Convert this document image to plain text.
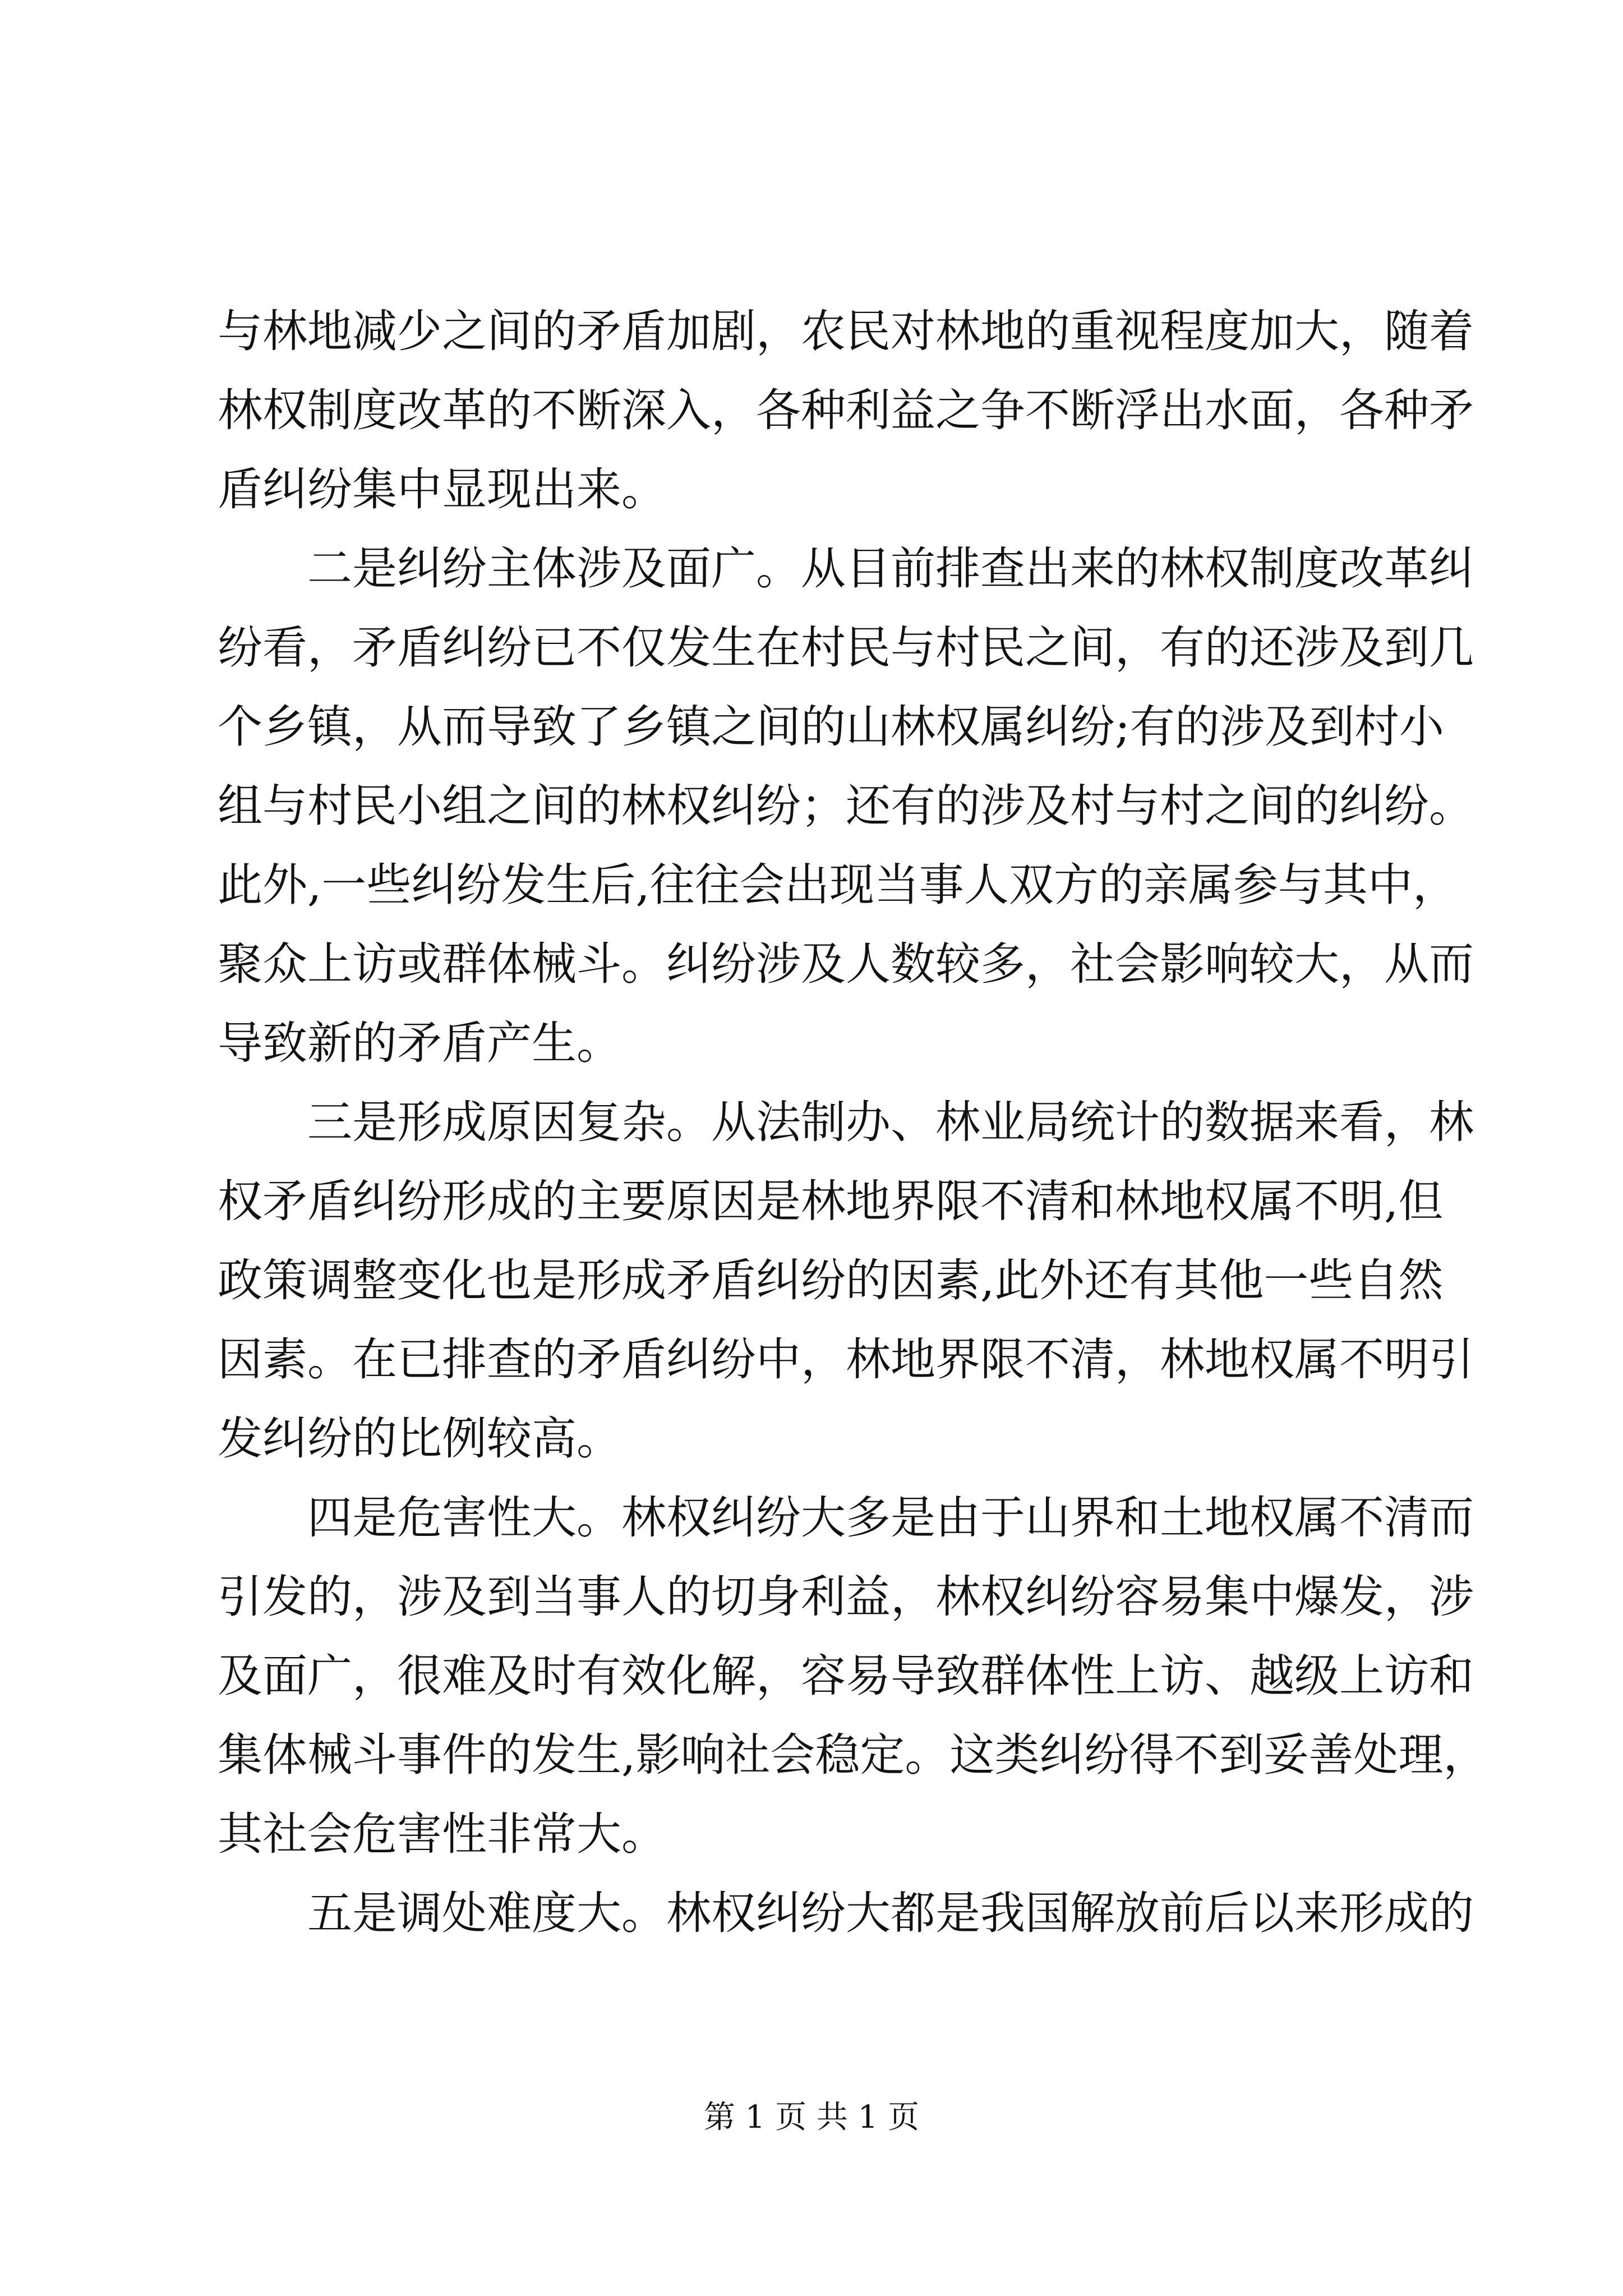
与林地减少之间的矛盾加剧，农民对林地的重视程度加大，随着
林权制度改革的不断深入，各种利益之争不断浮出水面，各种矛
盾纠纷集中显现出来。
二是纠纷主体涉及面广。从目前排查出来的林权制度改革纠
纷看，矛盾纠纷已不仅发生在村民与村民之间，有的还涉及到几
个乡镇，从而导致了乡镇之间的山林权属纠纷;有的涉及到村小
组与村民小组之间的林权纠纷；还有的涉及村与村之间的纠纷。
此外,一些纠纷发生后,往往会出现当事人双方的亲属参与其中，
聚众上访或群体械斗。纠纷涉及人数较多，社会影响较大，从而
导致新的矛盾产生。
三是形成原因复杂。从法制办、林业局统计的数据来看，林
权矛盾纠纷形成的主要原因是林地界限不清和林地权属不明,但
政策调整变化也是形成矛盾纠纷的因素,此外还有其他一些自然
因素。在已排查的矛盾纠纷中，林地界限不清，林地权属不明引
发纠纷的比例较高。
四是危害性大。林权纠纷大多是由于山界和土地权属不清而
引发的，涉及到当事人的切身利益，林权纠纷容易集中爆发，涉
及面广，很难及时有效化解，容易导致群体性上访、越级上访和
集体械斗事件的发生,影响社会稳定。这类纠纷得不到妥善处理，
其社会危害性非常大。
五是调处难度大。林权纠纷大都是我国解放前后以来形成的
第 1 页 共 1 页
